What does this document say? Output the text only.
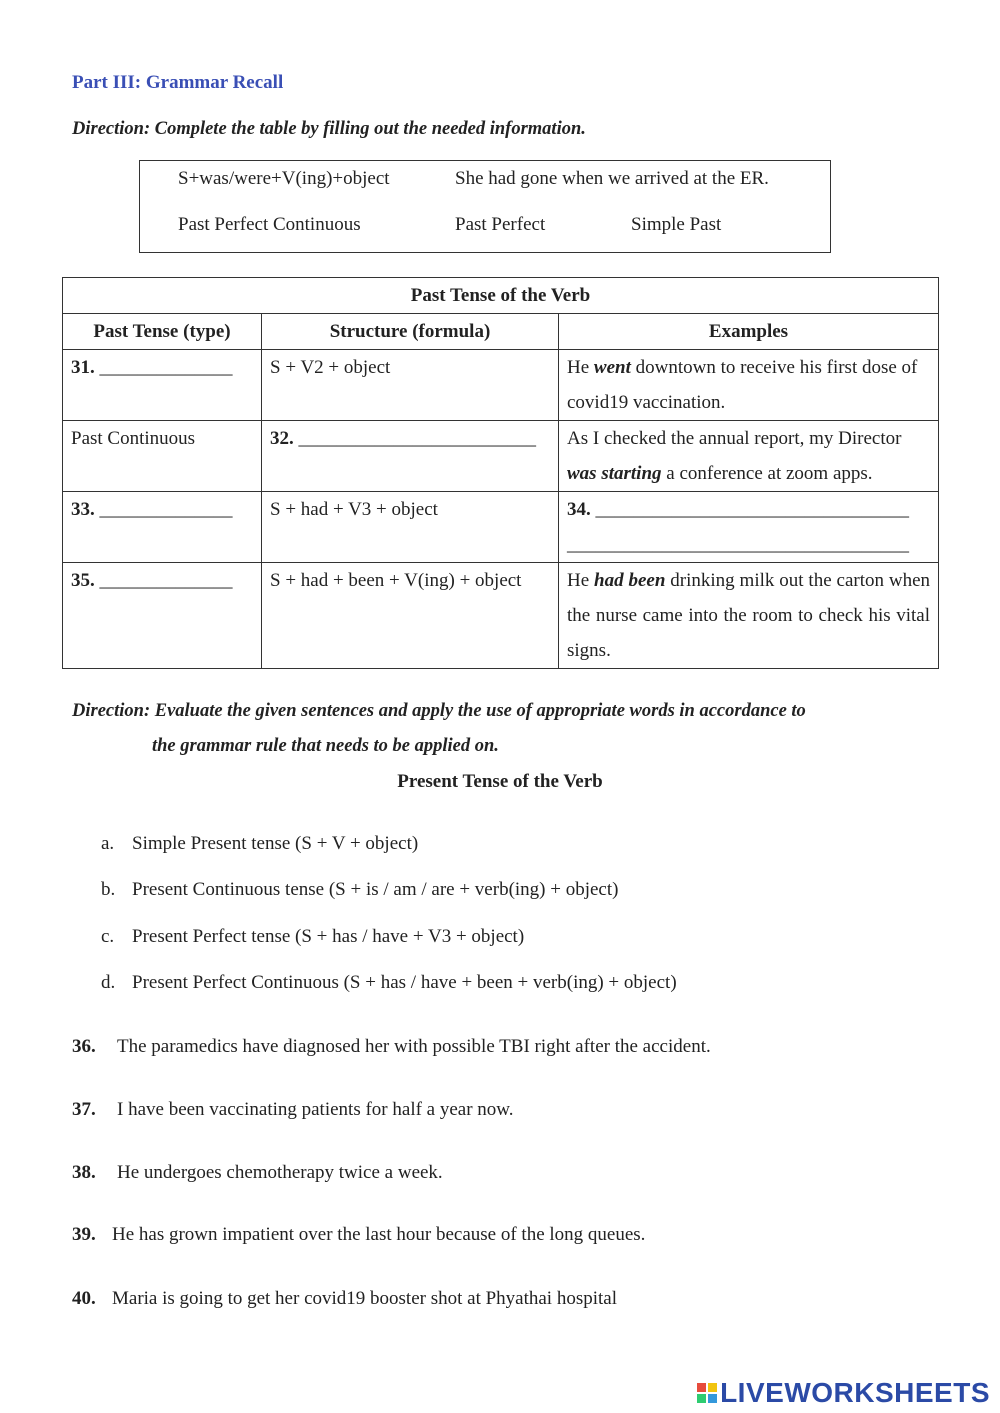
Part III: Grammar Recall
Direction: Complete the table by filling out the needed information.
S+was/were+V(ing)+object	She had gone when we arrived at the ER.
Past Perfect Continuous	Past Perfect	Simple Past
Past Tense of the Verb		
Past Tense (type)	Structure (formula)	Examples
31. ______________	S + V2 + object	He went downtown to receive his first dose of covid19 vaccination.
Past Continuous	32. _________________________	As I checked the annual report, my Director was starting a conference at zoom apps.
33. ______________	S + had + V3 + object	34. _________________________________
____________________________________
35. ______________	S + had + been + V(ing) + object	He had been drinking milk out the carton when the nurse came into the room to check his vital signs.
Direction: Evaluate the given sentences and apply the use of appropriate words in accordance to
the grammar rule that needs to be applied on.
Present Tense of the Verb
a. Simple Present tense (S + V + object)
b. Present Continuous tense (S + is / am / are + verb(ing) + object)
c. Present Perfect tense (S + has / have + V3 + object)
d. Present Perfect Continuous (S + has / have + been + verb(ing) + object)
36. The paramedics have diagnosed her with possible TBI right after the accident.
37. I have been vaccinating patients for half a year now.
38. He undergoes chemotherapy twice a week.
39. He has grown impatient over the last hour because of the long queues.
40. Maria is going to get her covid19 booster shot at Phyathai hospital
LIVEWORKSHEETS
